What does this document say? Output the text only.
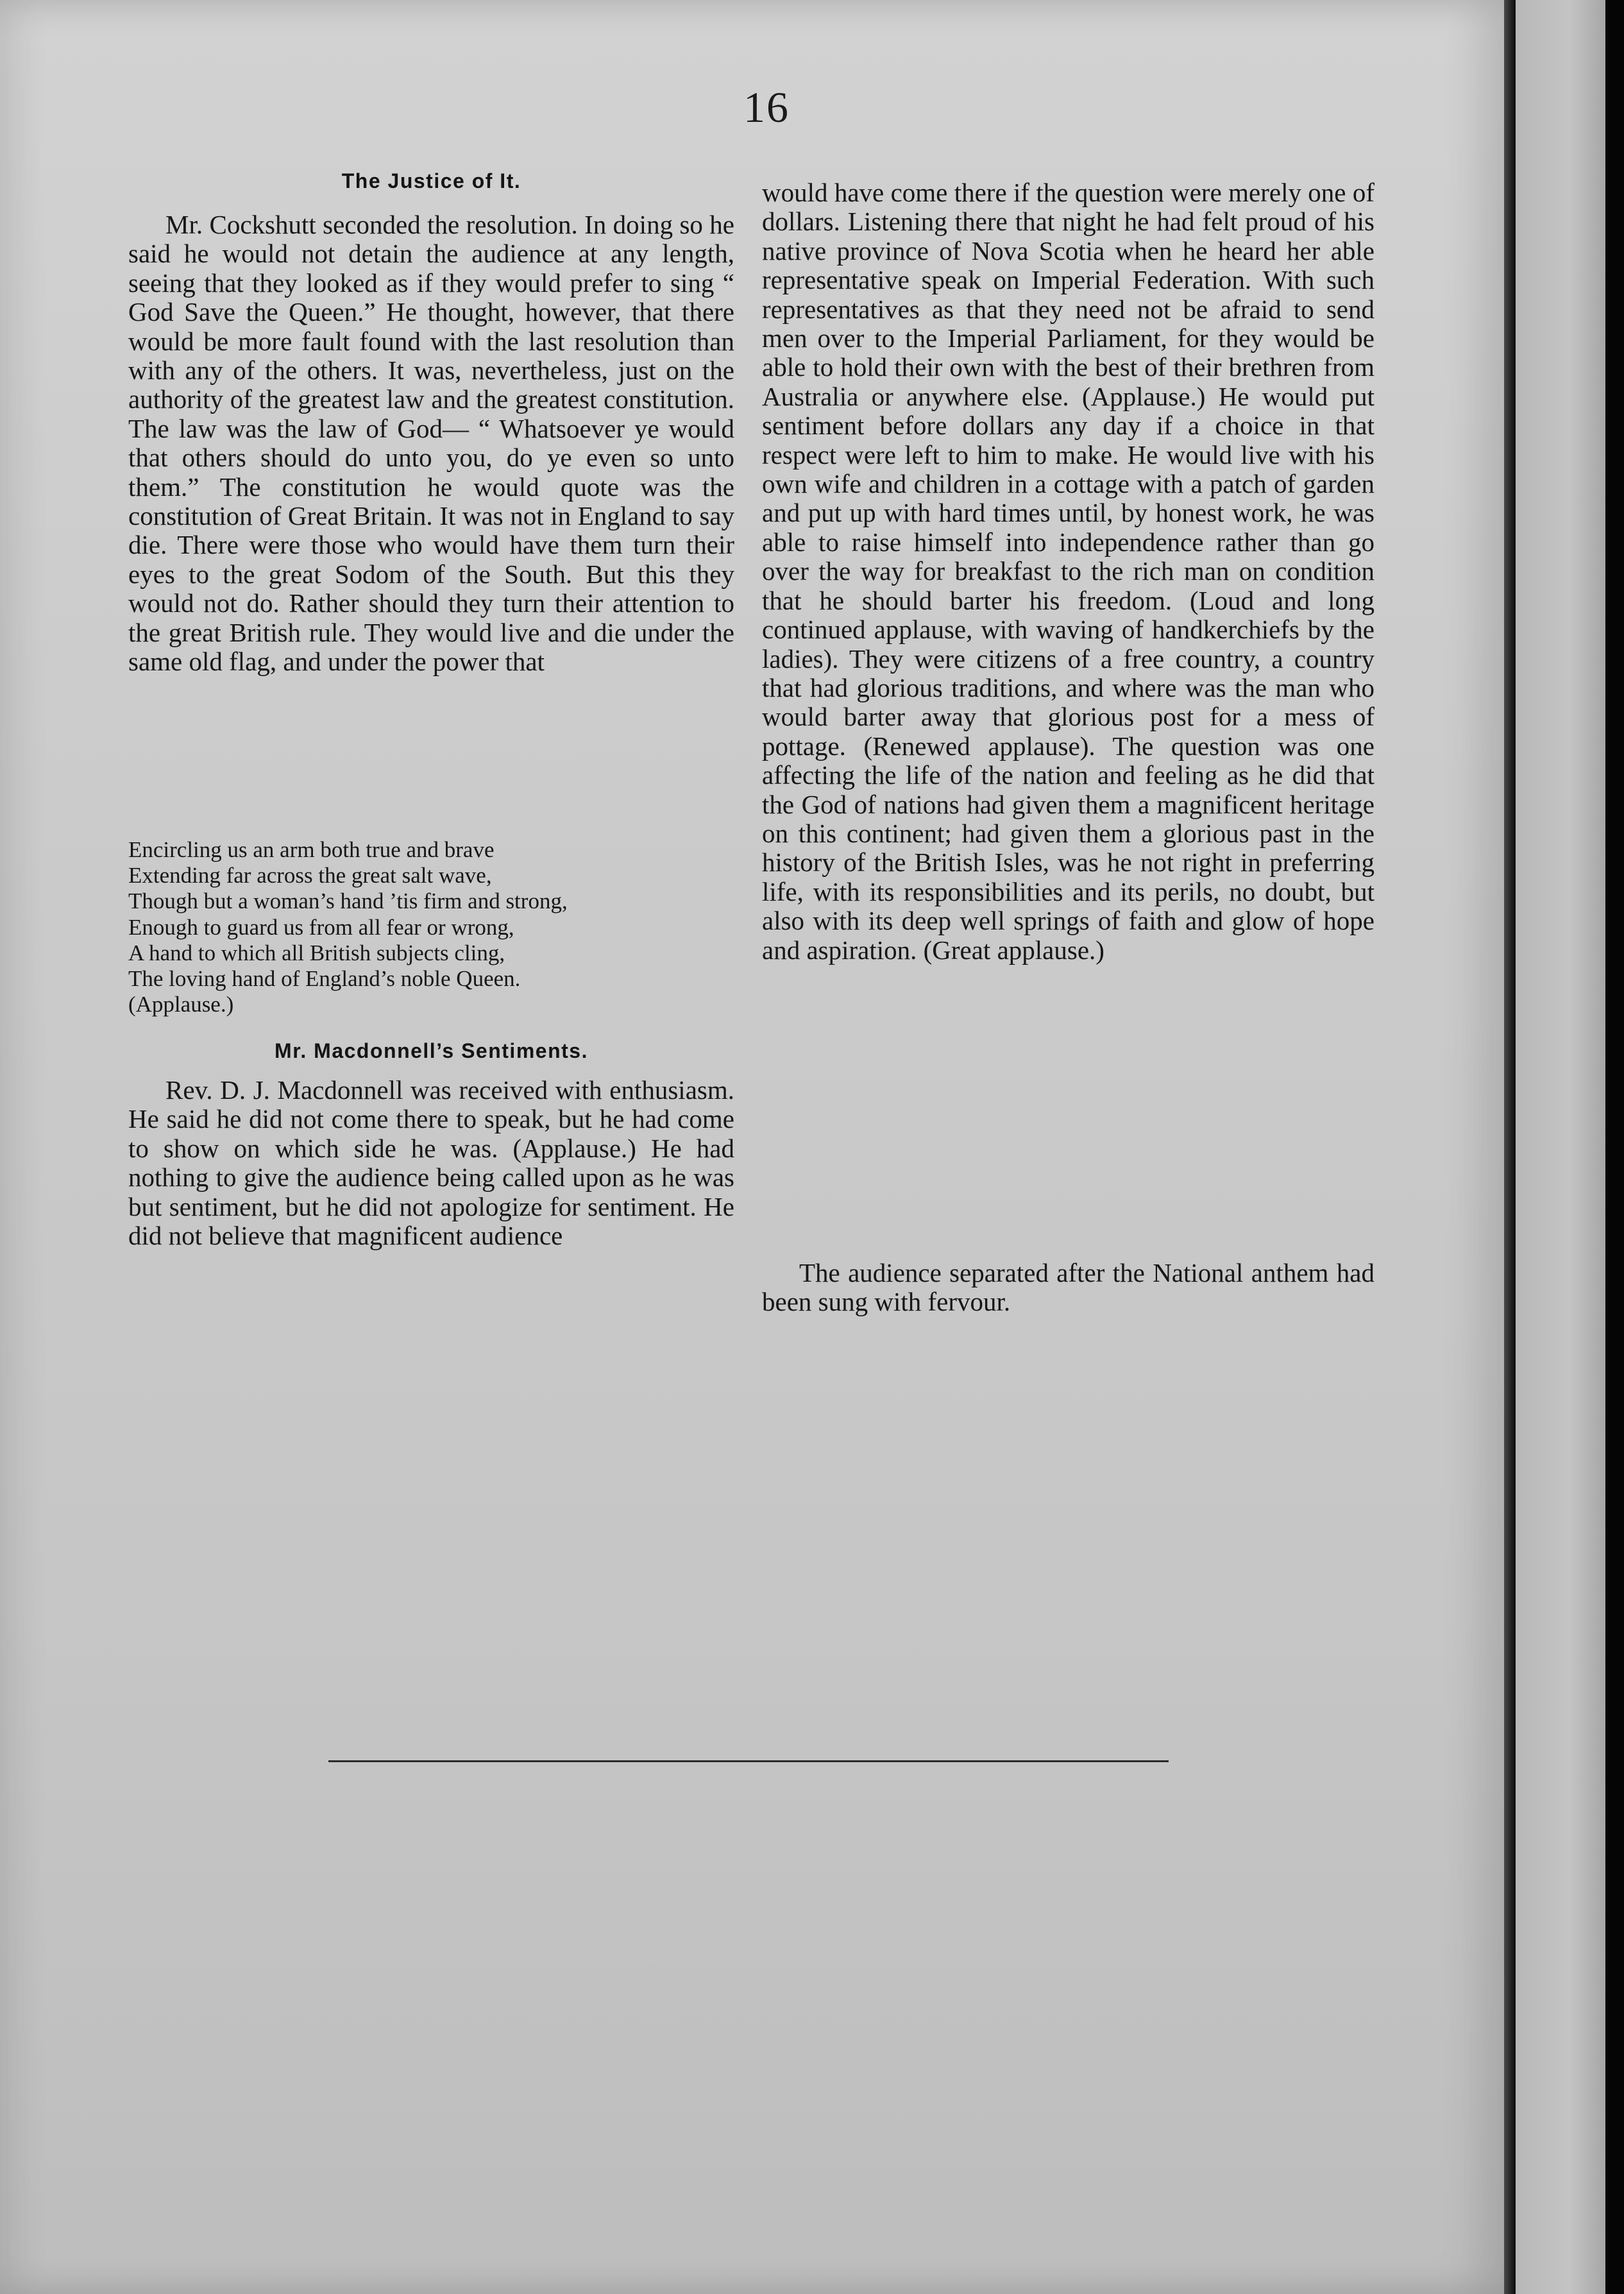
16
The Justice of It.

Mr. Cockshutt seconded the resolution. In doing so he said he would not detain the audience at any length, seeing that they looked as if they would prefer to sing “ God Save the Queen.” He thought, however, that there would be more fault found with the last resolution than with any of the others. It was, nevertheless, just on the authority of the greatest law and the greatest constitution. The law was the law of God— “ Whatsoever ye would that others should do unto you, do ye even so unto them.” The constitution he would quote was the constitution of Great Britain. It was not in England to say die. There were those who would have them turn their eyes to the great Sodom of the South. But this they would not do. Rather should they turn their attention to the great British rule. They would live and die under the same old flag, and under the power that

Encircling us an arm both true and brave
Extending far across the great salt wave,
Though but a woman’s hand ’tis firm and strong,
Enough to guard us from all fear or wrong,
A hand to which all British subjects cling,
The loving hand of England’s noble Queen.
(Applause.)
Mr. Macdonnell’s Sentiments.

Rev. D. J. Macdonnell was received with enthusiasm. He said he did not come there to speak, but he had come to show on which side he was. (Applause.) He had nothing to give the audience being called upon as he was but sentiment, but he did not apologize for sentiment. He did not believe that magnificent audience

would have come there if the question were merely one of dollars. Listening there that night he had felt proud of his native province of Nova Scotia when he heard her able representative speak on Imperial Federation. With such representatives as that they need not be afraid to send men over to the Imperial Parliament, for they would be able to hold their own with the best of their brethren from Australia or anywhere else. (Applause.) He would put sentiment before dollars any day if a choice in that respect were left to him to make. He would live with his own wife and children in a cottage with a patch of garden and put up with hard times until, by honest work, he was able to raise himself into independence rather than go over the way for breakfast to the rich man on condition that he should barter his freedom. (Loud and long continued applause, with waving of handkerchiefs by the ladies). They were citizens of a free country, a country that had glorious traditions, and where was the man who would barter away that glorious post for a mess of pottage. (Renewed applause). The question was one affecting the life of the nation and feeling as he did that the God of nations had given them a magnificent heritage on this continent; had given them a glorious past in the history of the British Isles, was he not right in preferring life, with its responsibilities and its perils, no doubt, but also with its deep well springs of faith and glow of hope and aspiration. (Great applause.)

The audience separated after the National anthem had been sung with fervour.
